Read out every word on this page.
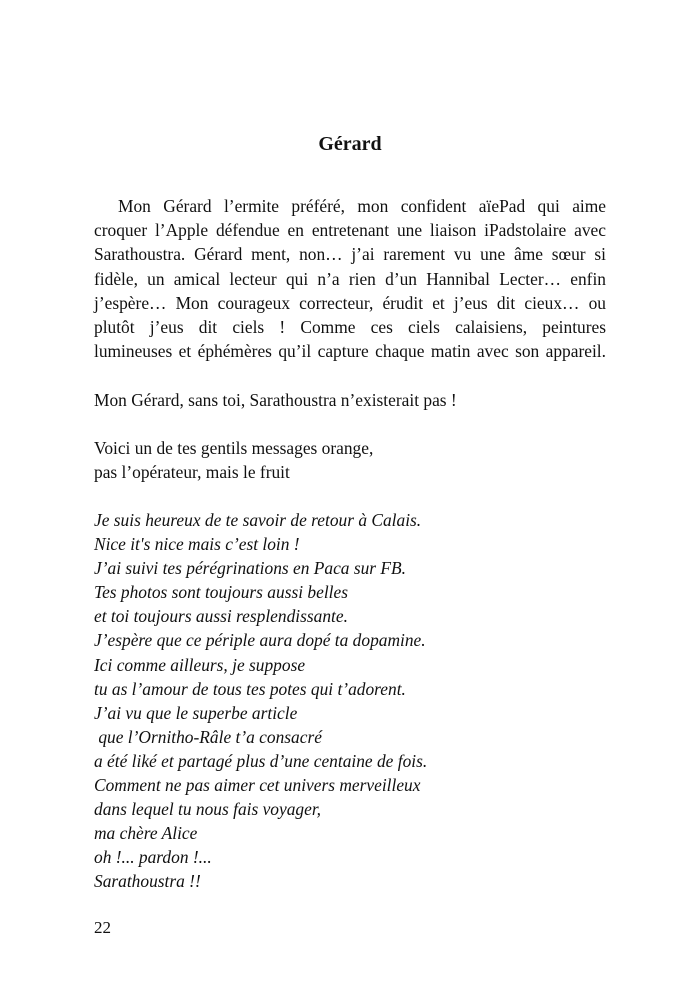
Gérard

Mon Gérard l’ermite préféré, mon confident aïePad qui aime
croquer l’Apple défendue en entretenant une liaison iPadstolaire avec
Sarathoustra. Gérard ment, non… j’ai rarement vu une âme sœur si
fidèle, un amical lecteur qui n’a rien d’un Hannibal Lecter… enfin
j’espère… Mon courageux correcteur, érudit et j’eus dit cieux… ou
plutôt j’eus dit ciels ! Comme ces ciels calaisiens, peintures
lumineuses et éphémères qu’il capture chaque matin avec son appareil.

Mon Gérard, sans toi, Sarathoustra n’existerait pas !

Voici un de tes gentils messages orange,
pas l’opérateur, mais le fruit

Je suis heureux de te savoir de retour à Calais.
Nice it's nice mais c’est loin !
J’ai suivi tes pérégrinations en Paca sur FB.
Tes photos sont toujours aussi belles
et toi toujours aussi resplendissante.
J’espère que ce périple aura dopé ta dopamine.
Ici comme ailleurs, je suppose
tu as l’amour de tous tes potes qui t’adorent.
J’ai vu que le superbe article
que l’Ornitho-Râle t’a consacré
a été liké et partagé plus d’une centaine de fois.
Comment ne pas aimer cet univers merveilleux
dans lequel tu nous fais voyager,
ma chère Alice
oh !... pardon !...
Sarathoustra !!

22
